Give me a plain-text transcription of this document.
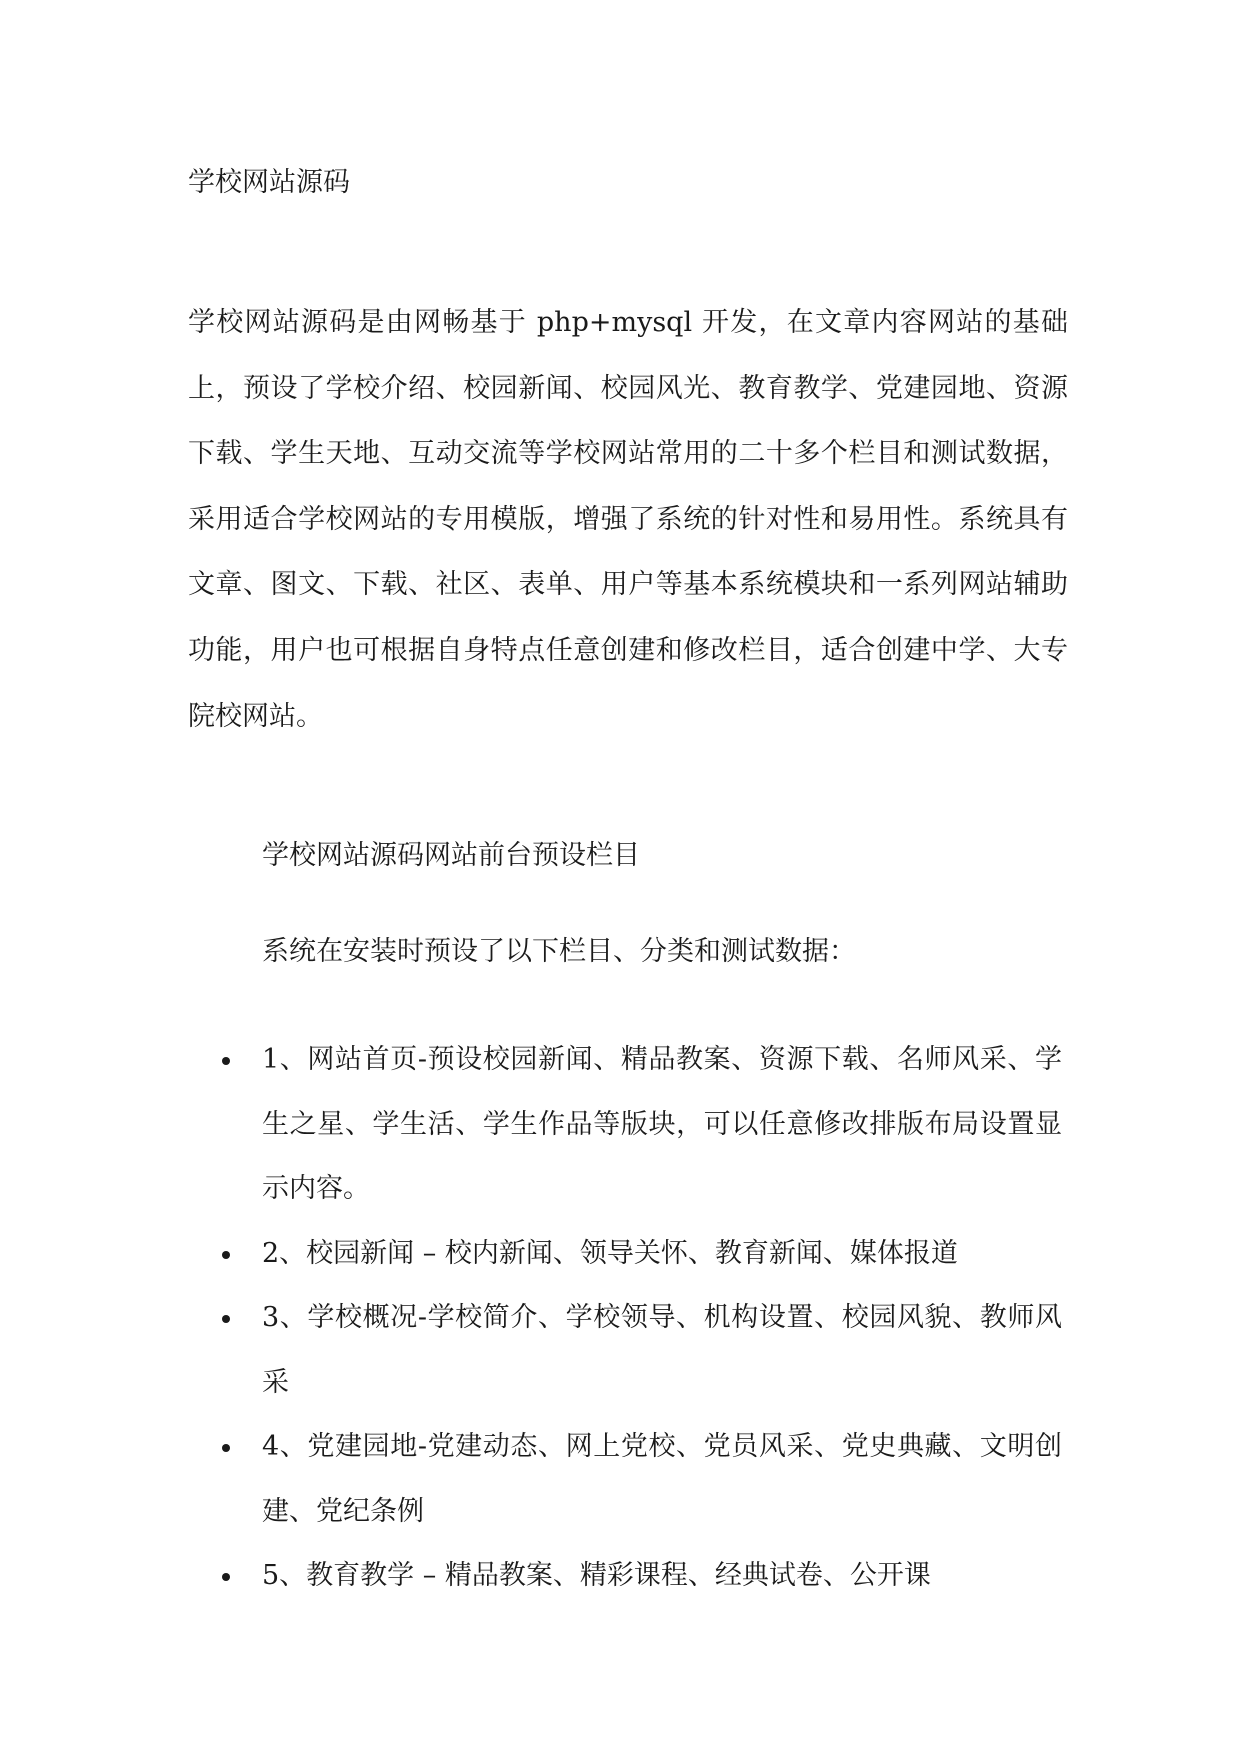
学校网站源码

学校网站源码是由网畅基于 php+mysql 开发，在文章内容网站的基础上，预设了学校介绍、校园新闻、校园风光、教育教学、党建园地、资源下载、学生天地、互动交流等学校网站常用的二十多个栏目和测试数据，采用适合学校网站的专用模版，增强了系统的针对性和易用性。系统具有文章、图文、下载、社区、表单、用户等基本系统模块和一系列网站辅助功能，用户也可根据自身特点任意创建和修改栏目，适合创建中学、大专院校网站。

学校网站源码网站前台预设栏目
系统在安装时预设了以下栏目、分类和测试数据：
1、网站首页-预设校园新闻、精品教案、资源下载、名师风采、学生之星、学生活、学生作品等版块，可以任意修改排版布局设置显示内容。
2、校园新闻 – 校内新闻、领导关怀、教育新闻、媒体报道
3、学校概况-学校简介、学校领导、机构设置、校园风貌、教师风采
4、党建园地-党建动态、网上党校、党员风采、党史典藏、文明创建、党纪条例
5、教育教学 – 精品教案、精彩课程、经典试卷、公开课
